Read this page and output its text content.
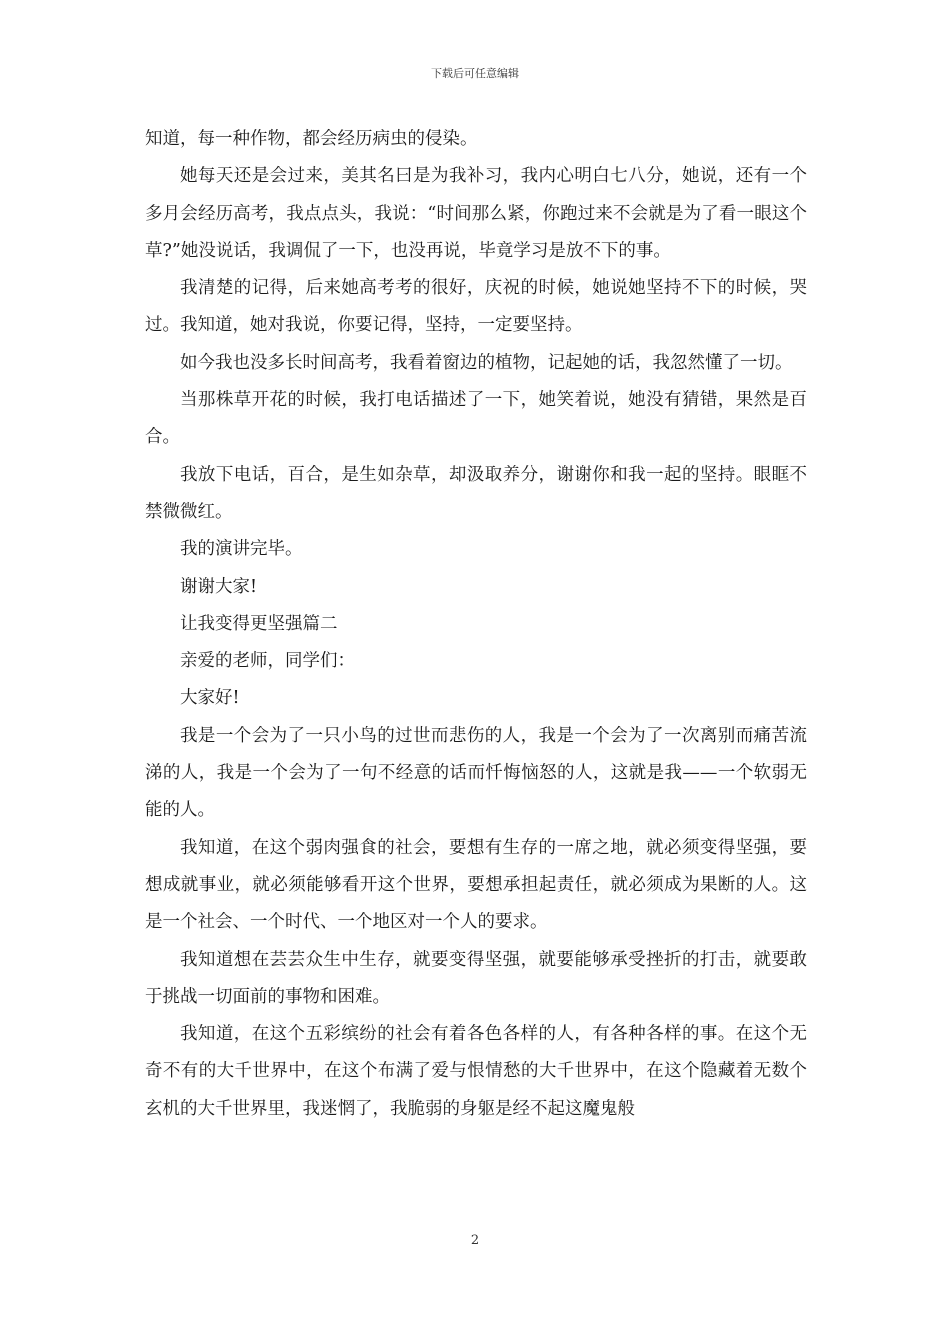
下载后可任意编辑

知道，每一种作物，都会经历病虫的侵染。

她每天还是会过来，美其名曰是为我补习，我内心明白七八分，她说，还有一个多月会经历高考，我点点头，我说：“时间那么紧，你跑过来不会就是为了看一眼这个草?”她没说话，我调侃了一下，也没再说，毕竟学习是放不下的事。

我清楚的记得，后来她高考考的很好，庆祝的时候，她说她坚持不下的时候，哭过。我知道，她对我说，你要记得，坚持，一定要坚持。

如今我也没多长时间高考，我看着窗边的植物，记起她的话，我忽然懂了一切。

当那株草开花的时候，我打电话描述了一下，她笑着说，她没有猜错，果然是百合。

我放下电话，百合，是生如杂草，却汲取养分，谢谢你和我一起的坚持。眼眶不禁微微红。

我的演讲完毕。

谢谢大家!

让我变得更坚强篇二

亲爱的老师，同学们：

大家好!

我是一个会为了一只小鸟的过世而悲伤的人，我是一个会为了一次离别而痛苦流涕的人，我是一个会为了一句不经意的话而忏悔恼怒的人，这就是我——一个软弱无能的人。

我知道，在这个弱肉强食的社会，要想有生存的一席之地，就必须变得坚强，要想成就事业，就必须能够看开这个世界，要想承担起责任，就必须成为果断的人。这是一个社会、一个时代、一个地区对一个人的要求。

我知道想在芸芸众生中生存，就要变得坚强，就要能够承受挫折的打击，就要敢于挑战一切面前的事物和困难。

我知道，在这个五彩缤纷的社会有着各色各样的人，有各种各样的事。在这个无奇不有的大千世界中，在这个布满了爱与恨情愁的大千世界中，在这个隐藏着无数个玄机的大千世界里，我迷惘了，我脆弱的身躯是经不起这魔鬼般

2
